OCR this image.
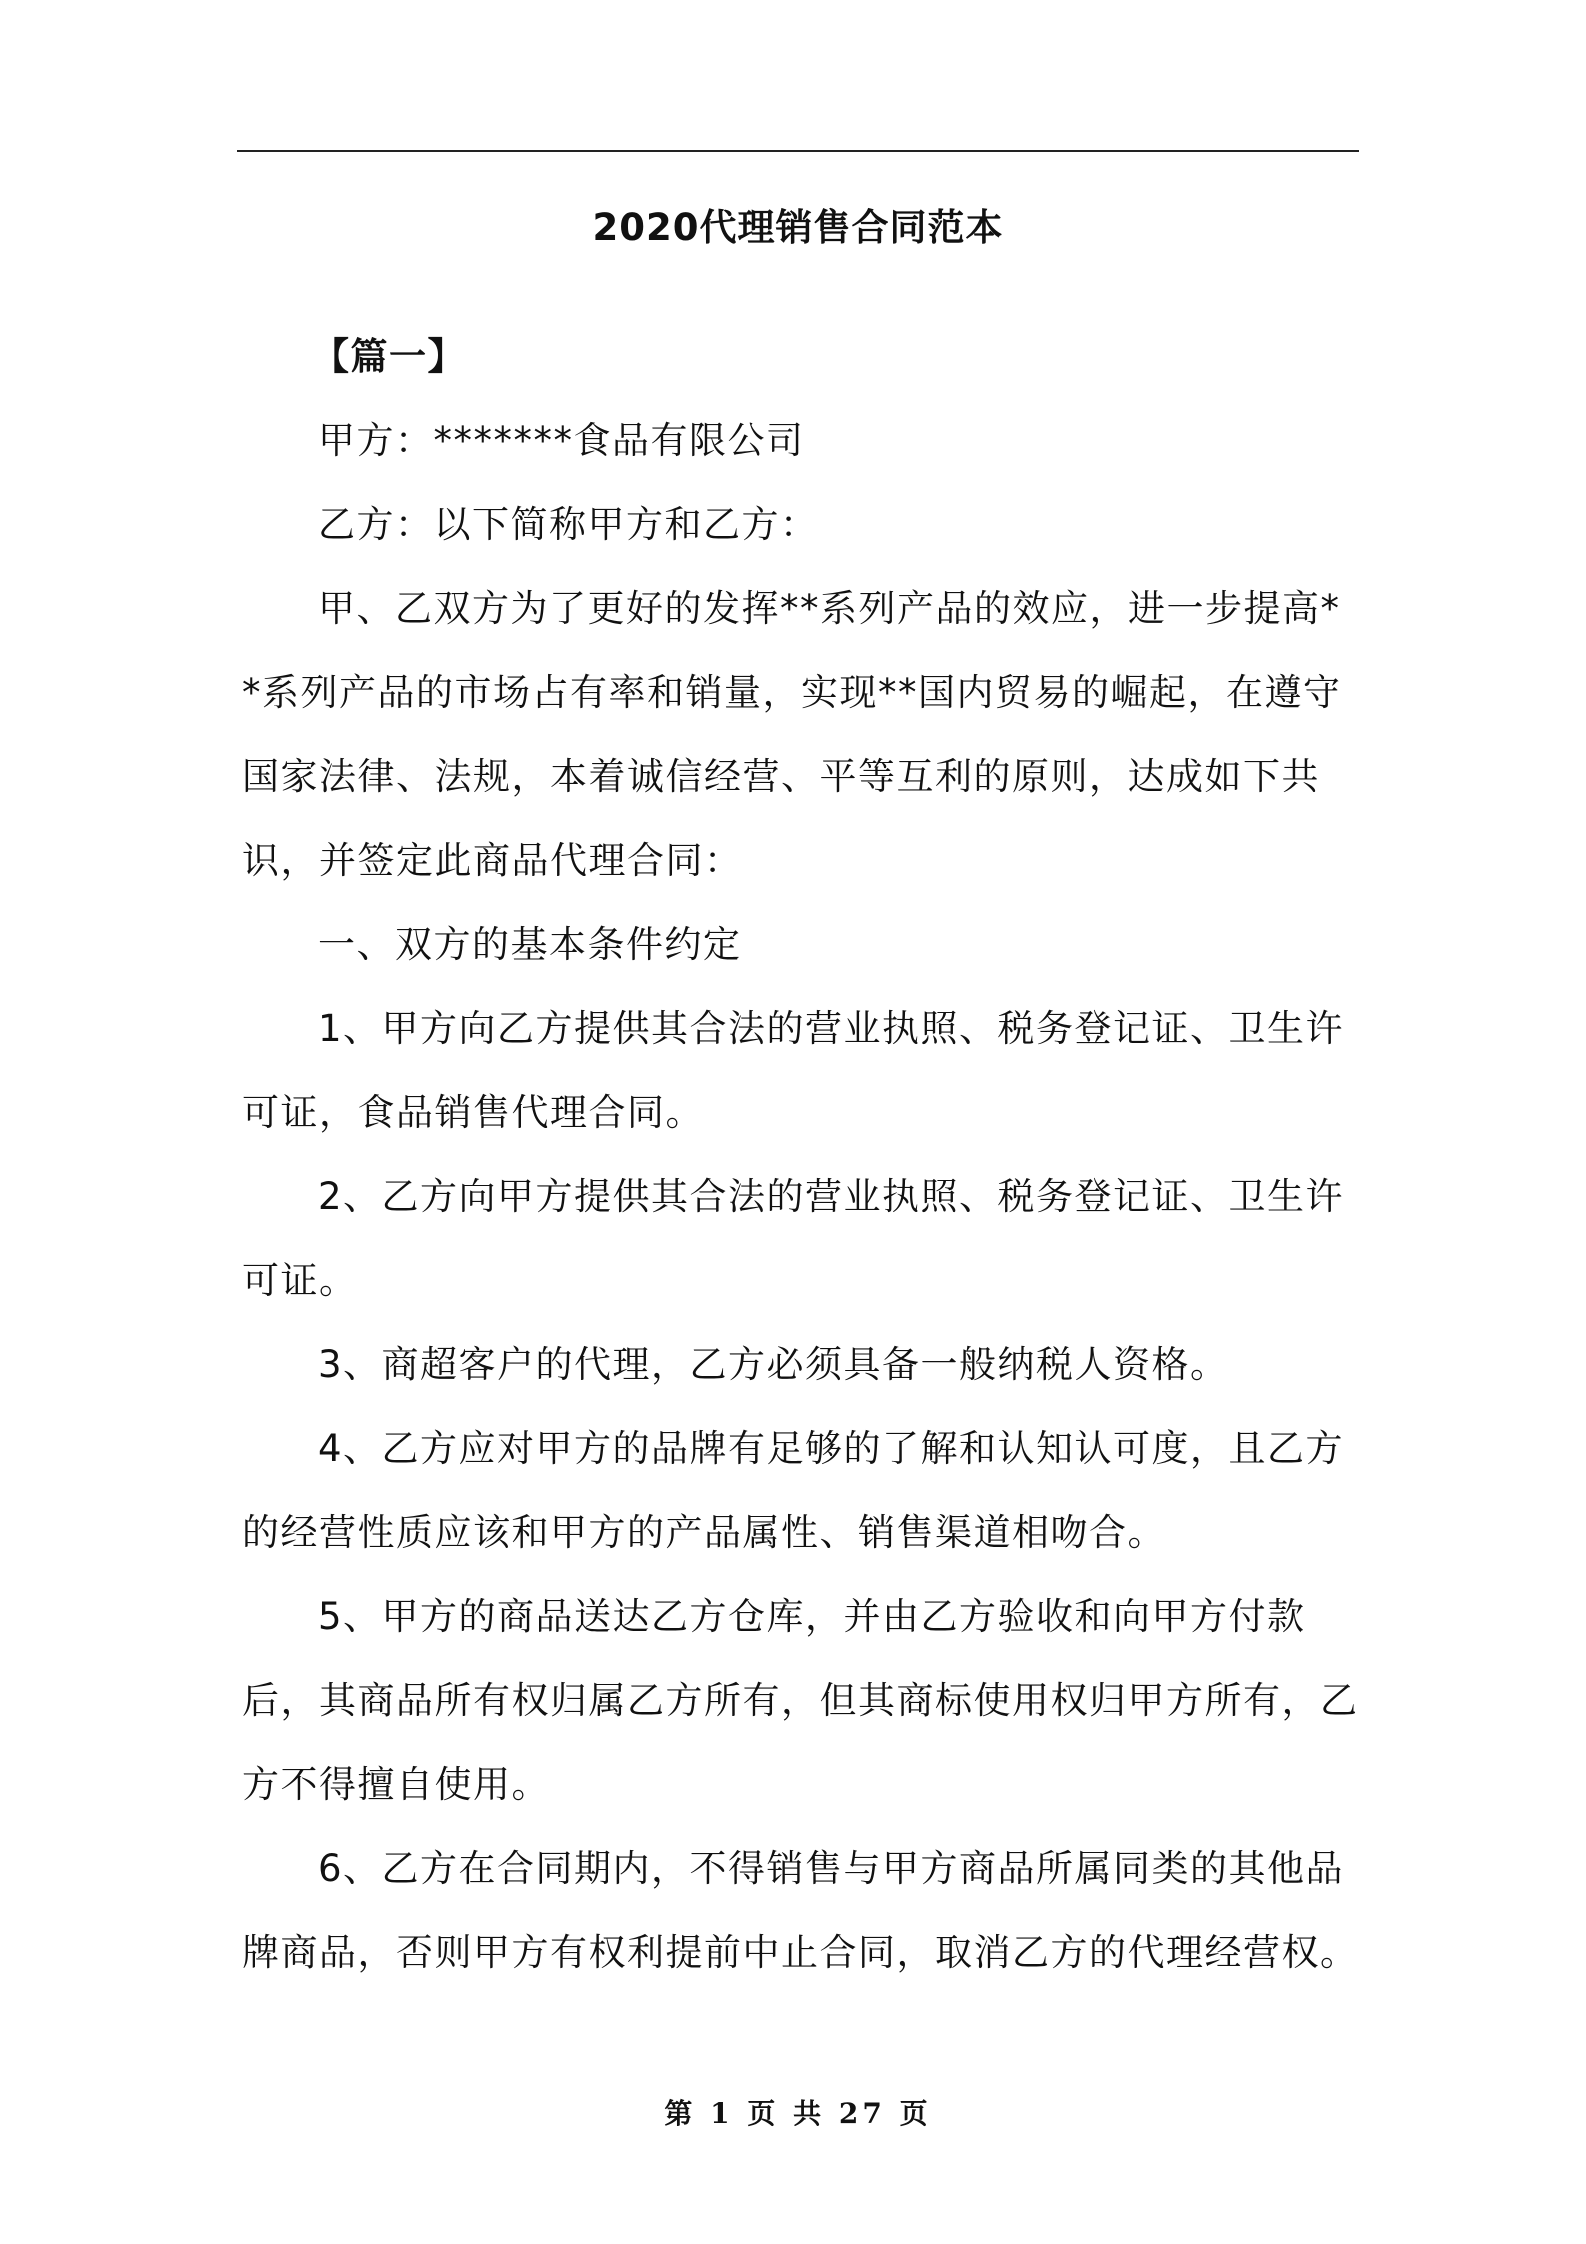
2020代理销售合同范本

【篇一】

甲方：*******食品有限公司

乙方：以下简称甲方和乙方：

甲、乙双方为了更好的发挥**系列产品的效应，进一步提高**系列产品的市场占有率和销量，实现**国内贸易的崛起，在遵守国家法律、法规，本着诚信经营、平等互利的原则，达成如下共识，并签定此商品代理合同：

一、双方的基本条件约定

1、甲方向乙方提供其合法的营业执照、税务登记证、卫生许可证，食品销售代理合同。

2、乙方向甲方提供其合法的营业执照、税务登记证、卫生许可证。

3、商超客户的代理，乙方必须具备一般纳税人资格。

4、乙方应对甲方的品牌有足够的了解和认知认可度，且乙方的经营性质应该和甲方的产品属性、销售渠道相吻合。

5、甲方的商品送达乙方仓库，并由乙方验收和向甲方付款后，其商品所有权归属乙方所有，但其商标使用权归甲方所有，乙方不得擅自使用。

6、乙方在合同期内，不得销售与甲方商品所属同类的其他品牌商品，否则甲方有权利提前中止合同，取消乙方的代理经营权。

第 1 页 共 27 页
